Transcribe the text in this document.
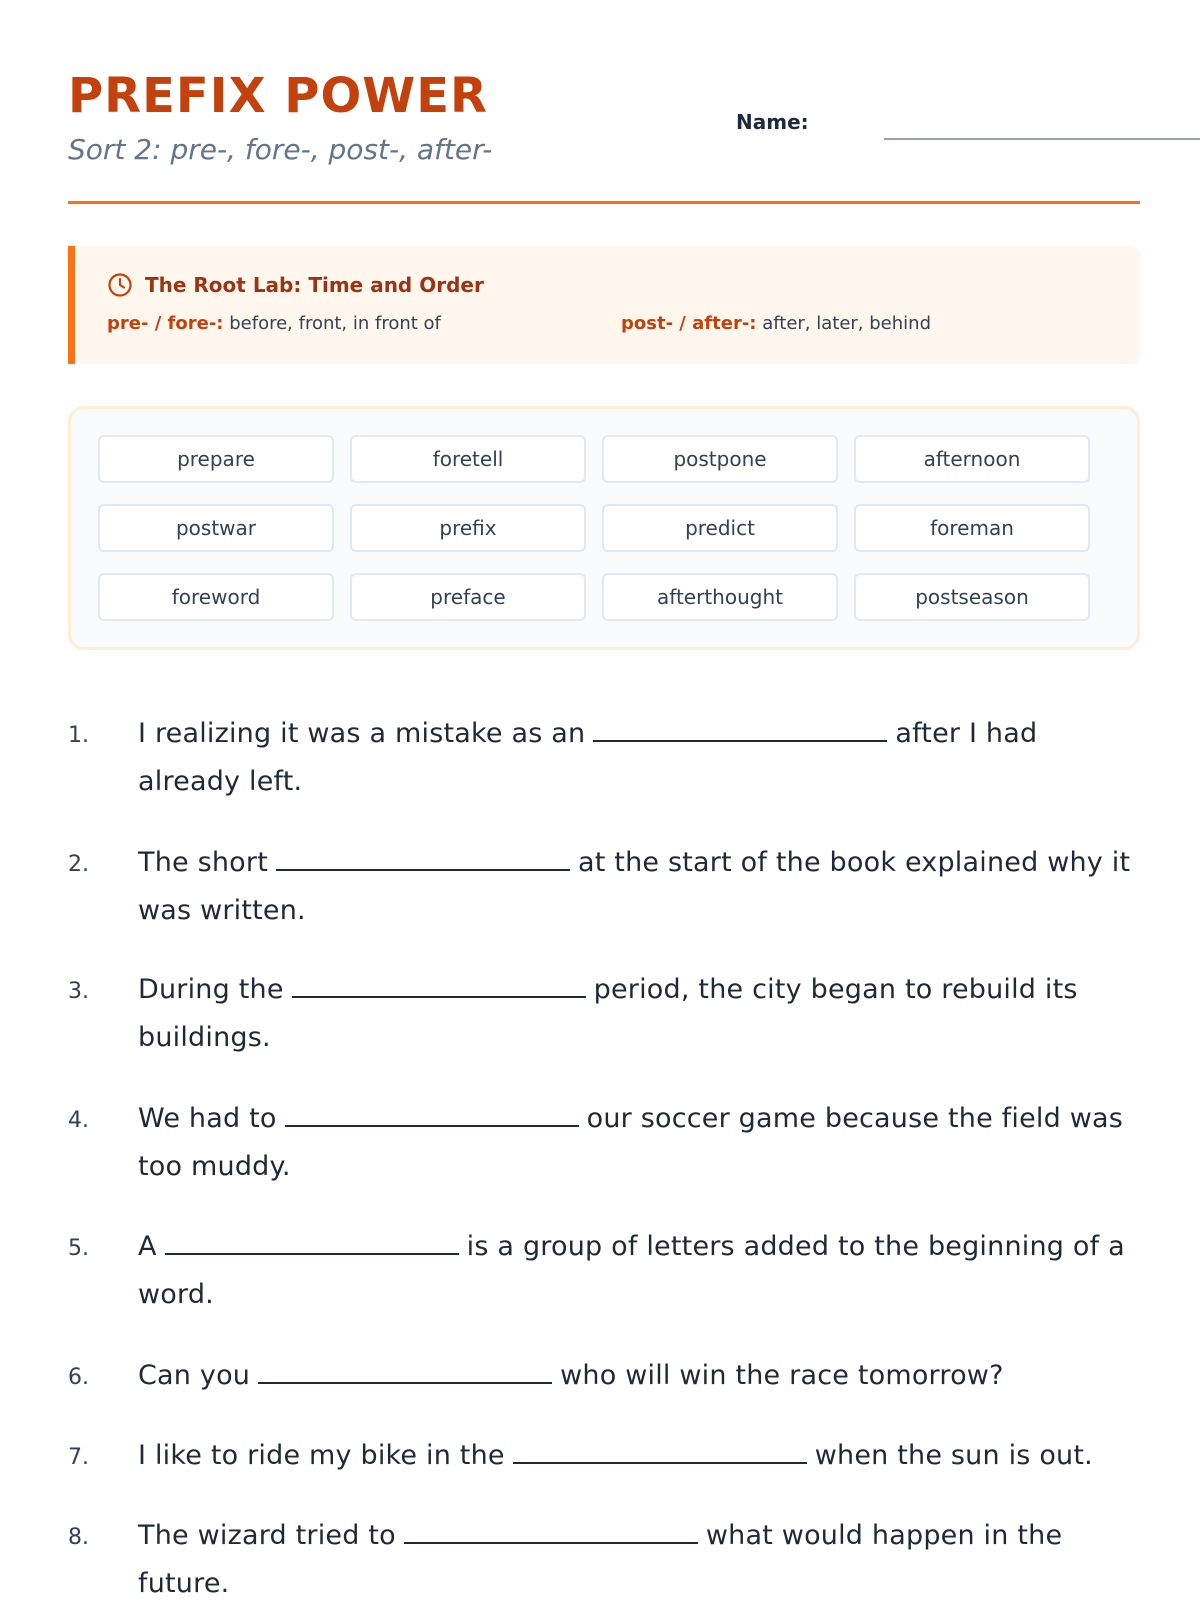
PREFIX POWER
Sort 2: pre-, fore-, post-, after-
Name:
The Root Lab: Time and Order
pre- / fore-: before, front, in front of	post- / after-: after, later, behind
prepare	foretell	postpone	afternoon
postwar	prefix	predict	foreman
foreword	preface	afterthought	postseason
1.	I realizing it was a mistake as an	after I had already left.
2.	The short	at the start of the book explained why it was written.
3.	During the	period, the city began to rebuild its buildings.
4.	We had to	our soccer game because the field was too muddy.
5.	A	is a group of letters added to the beginning of a word.
6.	Can you	who will win the race tomorrow?
7.	I like to ride my bike in the	when the sun is out.
8.	The wizard tried to	what would happen in the future.
